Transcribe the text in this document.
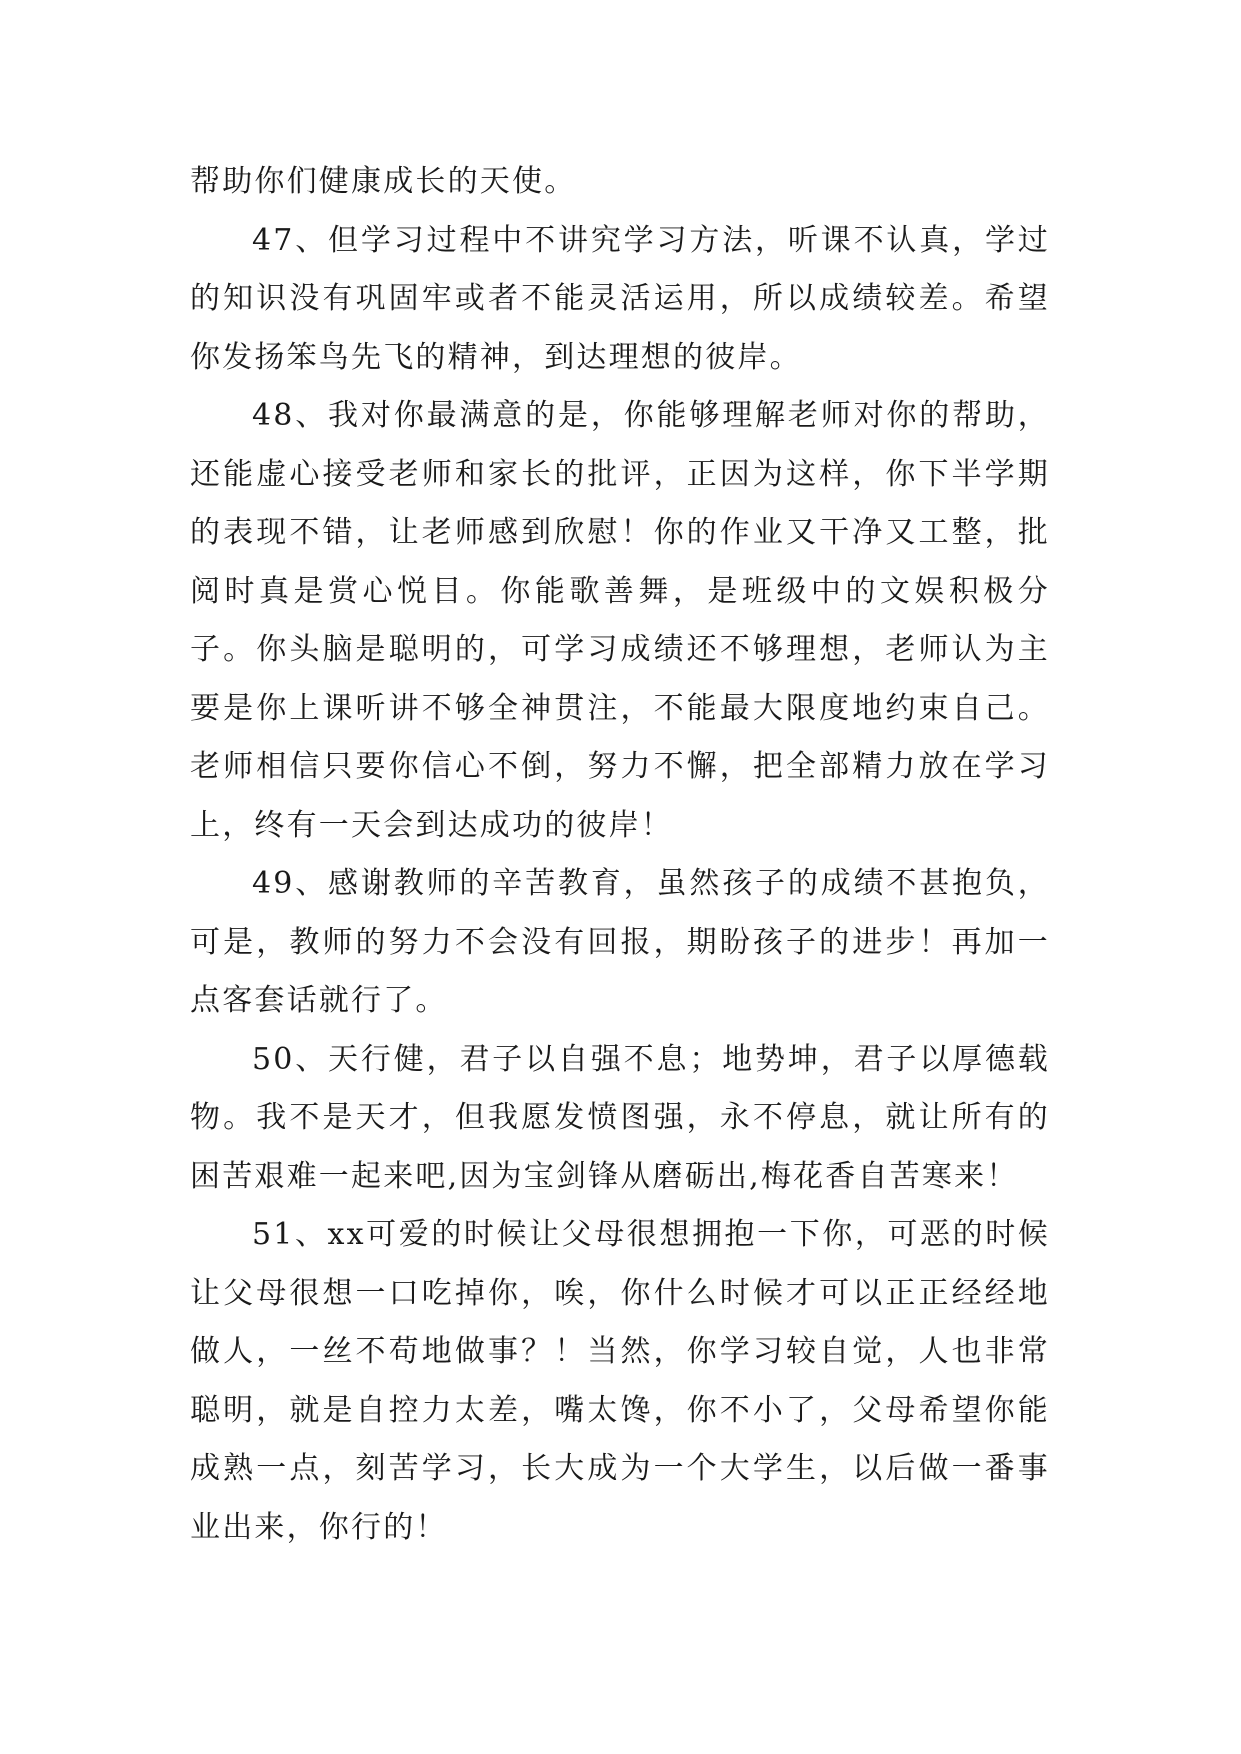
帮助你们健康成长的天使。

47、但学习过程中不讲究学习方法，听课不认真，学过的知识没有巩固牢或者不能灵活运用，所以成绩较差。希望你发扬笨鸟先飞的精神，到达理想的彼岸。

48、我对你最满意的是，你能够理解老师对你的帮助，还能虚心接受老师和家长的批评，正因为这样，你下半学期的表现不错，让老师感到欣慰！你的作业又干净又工整，批阅时真是赏心悦目。你能歌善舞，是班级中的文娱积极分子。你头脑是聪明的，可学习成绩还不够理想，老师认为主要是你上课听讲不够全神贯注，不能最大限度地约束自己。老师相信只要你信心不倒，努力不懈，把全部精力放在学习上，终有一天会到达成功的彼岸！

49、感谢教师的辛苦教育，虽然孩子的成绩不甚抱负，可是，教师的努力不会没有回报，期盼孩子的进步！再加一点客套话就行了。

50、天行健，君子以自强不息；地势坤，君子以厚德载物。我不是天才，但我愿发愤图强，永不停息，就让所有的困苦艰难一起来吧,因为宝剑锋从磨砺出,梅花香自苦寒来！

51、xx可爱的时候让父母很想拥抱一下你，可恶的时候让父母很想一口吃掉你，唉，你什么时候才可以正正经经地做人，一丝不苟地做事？！当然，你学习较自觉，人也非常聪明，就是自控力太差，嘴太馋，你不小了，父母希望你能成熟一点，刻苦学习，长大成为一个大学生，以后做一番事业出来，你行的！
